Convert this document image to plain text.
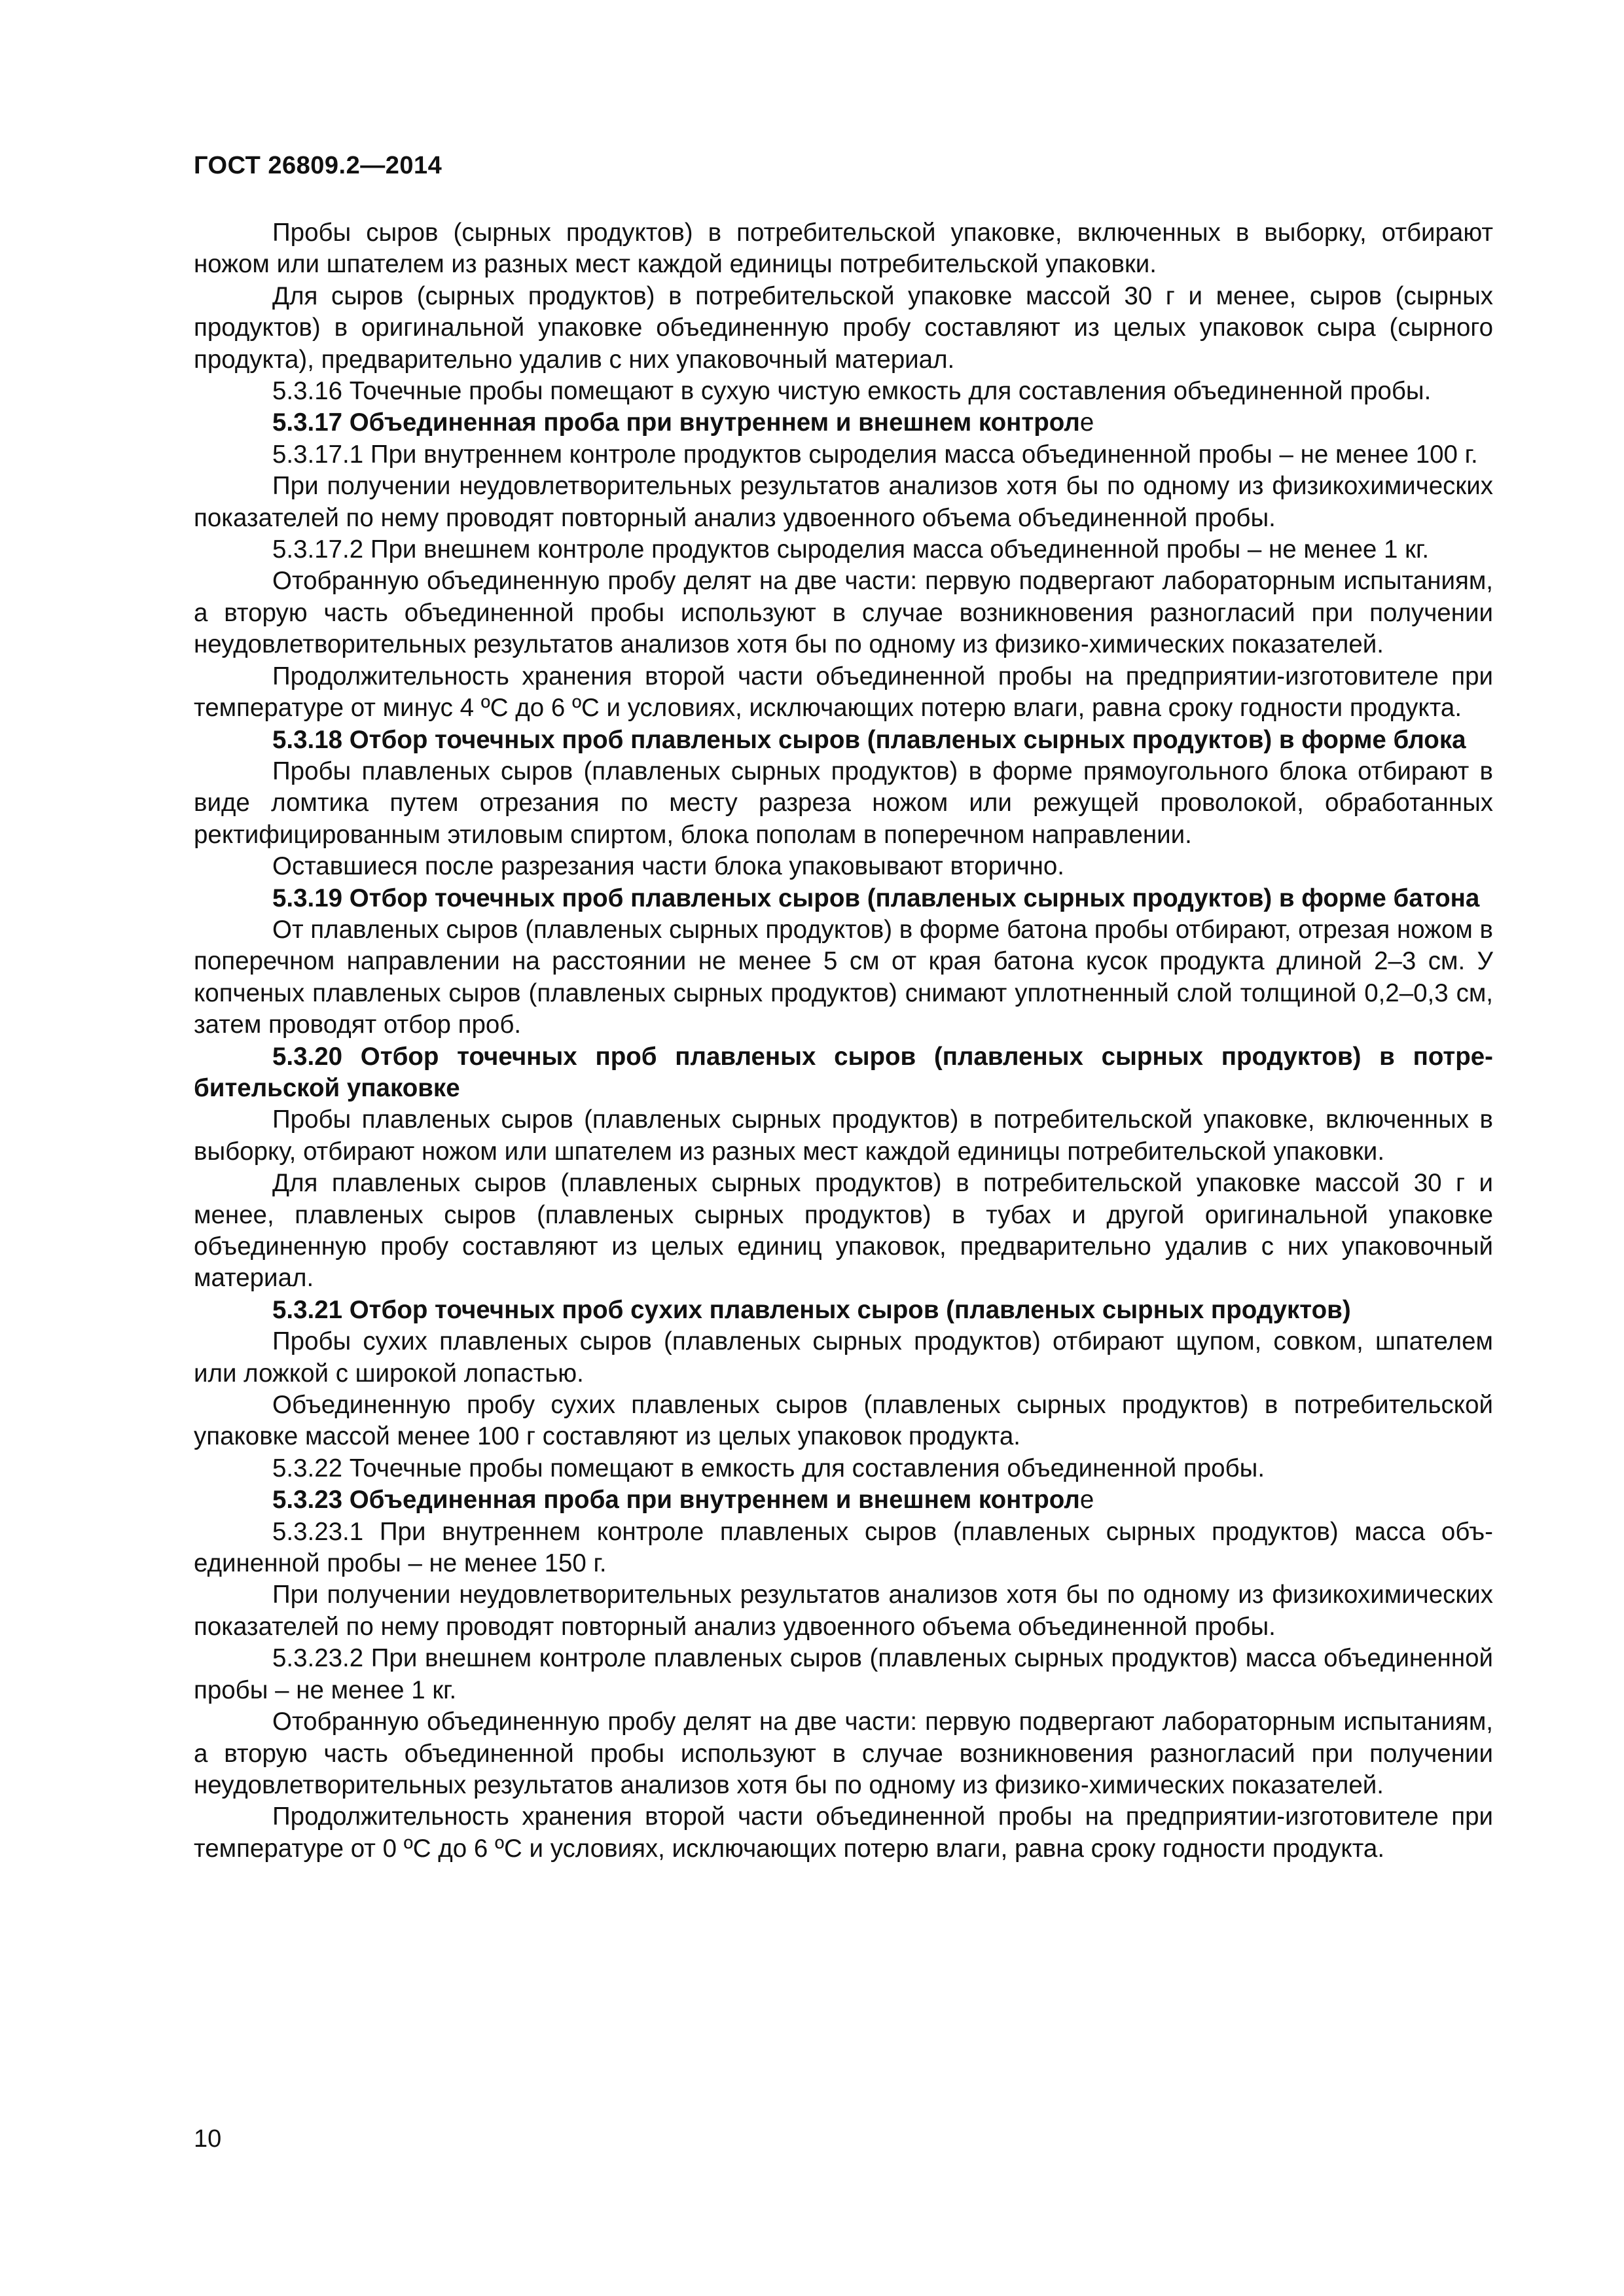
ГОСТ 26809.2—2014

Пробы сыров (сырных продуктов) в потребительской упаковке, включенных в выборку, отбирают ножом или шпателем из разных мест каждой единицы потребительской упаковки.

Для сыров (сырных продуктов) в потребительской упаковке массой 30 г и менее, сыров (сырных продуктов) в оригинальной упаковке объединенную пробу составляют из целых упаковок сыра (сырного продукта), предварительно удалив с них упаковочный материал.

5.3.16 Точечные пробы помещают в сухую чистую емкость для составления объединенной пробы.

5.3.17 Объединенная проба при внутреннем и внешнем контроле

5.3.17.1 При внутреннем контроле продуктов сыроделия масса объединенной пробы – не менее 100 г.

При получении неудовлетворительных результатов анализов хотя бы по одному из физикохимических показателей по нему проводят повторный анализ удвоенного объема объединенной пробы.

5.3.17.2 При внешнем контроле продуктов сыроделия масса объединенной пробы – не менее 1 кг.

Отобранную объединенную пробу делят на две части: первую подвергают лабораторным испытаниям, а вторую часть объединенной пробы используют в случае возникновения разногласий при получении неудовлетворительных результатов анализов хотя бы по одному из физико-химических показателей.

Продолжительность хранения второй части объединенной пробы на предприятии-изготовителе при температуре от минус 4 ºС до 6 ºС и условиях, исключающих потерю влаги, равна сроку годности продукта.

5.3.18 Отбор точечных проб плавленых сыров (плавленых сырных продуктов) в форме блока

Пробы плавленых сыров (плавленых сырных продуктов) в форме прямоугольного блока отбирают в виде ломтика путем отрезания по месту разреза ножом или режущей проволокой, обработанных ректифицированным этиловым спиртом, блока пополам в поперечном направлении.

Оставшиеся после разрезания части блока упаковывают вторично.

5.3.19 Отбор точечных проб плавленых сыров (плавленых сырных продуктов) в форме батона

От плавленых сыров (плавленых сырных продуктов) в форме батона пробы отбирают, отрезая ножом в поперечном направлении на расстоянии не менее 5 см от края батона кусок продукта длиной 2–3 см. У копченых плавленых сыров (плавленых сырных продуктов) снимают уплотненный слой толщиной 0,2–0,3 см, затем проводят отбор проб.

5.3.20 Отбор точечных проб плавленых сыров (плавленых сырных продуктов) в потребительской упаковке

Пробы плавленых сыров (плавленых сырных продуктов) в потребительской упаковке, включенных в выборку, отбирают ножом или шпателем из разных мест каждой единицы потребительской упаковки.

Для плавленых сыров (плавленых сырных продуктов) в потребительской упаковке массой 30 г и менее, плавленых сыров (плавленых сырных продуктов) в тубах и другой оригинальной упаковке объединенную пробу составляют из целых единиц упаковок, предварительно удалив с них упаковочный материал.

5.3.21 Отбор точечных проб сухих плавленых сыров (плавленых сырных продуктов)

Пробы сухих плавленых сыров (плавленых сырных продуктов) отбирают щупом, совком, шпателем или ложкой с широкой лопастью.

Объединенную пробу сухих плавленых сыров (плавленых сырных продуктов) в потребительской упаковке массой менее 100 г составляют из целых упаковок продукта.

5.3.22 Точечные пробы помещают в емкость для составления объединенной пробы.

5.3.23 Объединенная проба при внутреннем и внешнем контроле

5.3.23.1 При внутреннем контроле плавленых сыров (плавленых сырных продуктов) масса объединенной пробы – не менее 150 г.

При получении неудовлетворительных результатов анализов хотя бы по одному из физикохимических показателей по нему проводят повторный анализ удвоенного объема объединенной пробы.

5.3.23.2 При внешнем контроле плавленых сыров (плавленых сырных продуктов) масса объединенной пробы – не менее 1 кг.

Отобранную объединенную пробу делят на две части: первую подвергают лабораторным испытаниям, а вторую часть объединенной пробы используют в случае возникновения разногласий при получении неудовлетворительных результатов анализов хотя бы по одному из физико-химических показателей.

Продолжительность хранения второй части объединенной пробы на предприятии-изготовителе при температуре от 0 ºС до 6 ºС и условиях, исключающих потерю влаги, равна сроку годности продукта.

10
